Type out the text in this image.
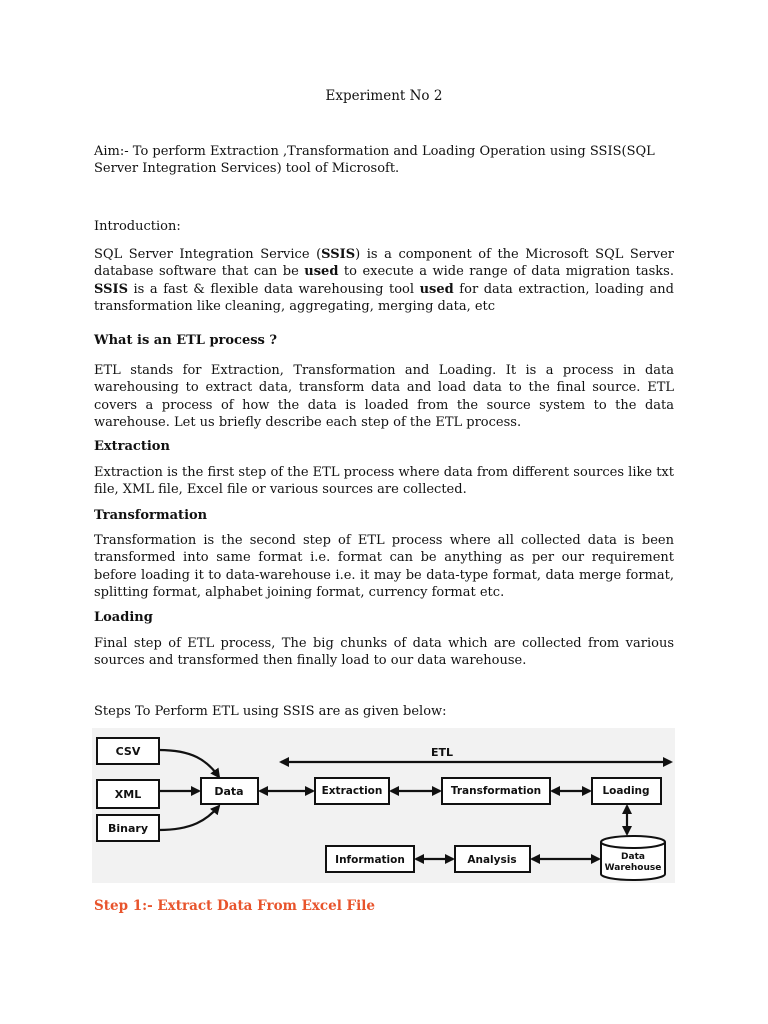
Experiment No 2
Aim:- To perform Extraction ,Transformation and Loading Operation using SSIS(SQL
Server Integration Services) tool of Microsoft.
Introduction:
SQL Server Integration Service (SSIS) is a component of the Microsoft SQL Server database software that can be used to execute a wide range of data migration tasks. SSIS is a fast & flexible data warehousing tool used for data extraction, loading and transformation like cleaning, aggregating, merging data, etc
What is an ETL process ?
ETL stands for Extraction, Transformation and Loading. It is a process in data warehousing to extract data, transform data and load data to the final source. ETL covers a process of how the data is loaded from the source system to the data warehouse. Let us briefly describe each step of the ETL process.
Extraction
Extraction is the first step of the ETL process where data from different sources like txt file, XML file, Excel file or various sources are collected.
Transformation
Transformation is the second step of ETL process where all collected data is been transformed into same format i.e. format can be anything as per our requirement before loading it to data-warehouse i.e. it may be data-type format, data merge format, splitting format, alphabet joining format, currency format etc.
Loading
Final step of ETL process, The big chunks of data which are collected from various sources and transformed then finally load to our data warehouse.
Steps To Perform ETL using SSIS are as given below:
CSV
XML
Binary
Data	Extraction	Transformation	Loading
ETL
Information	Analysis	Data
Warehouse
Step 1:- Extract Data From Excel File
